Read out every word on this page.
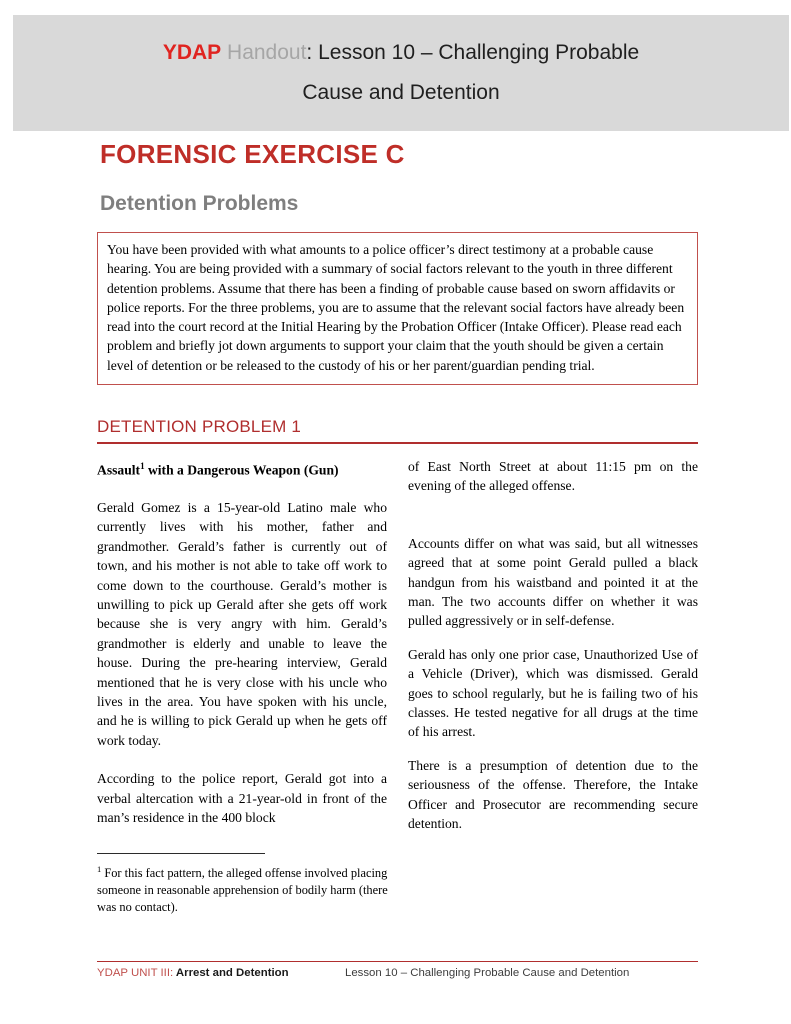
YDAP Handout: Lesson 10 – Challenging Probable
Cause and Detention
FORENSIC EXERCISE C
Detention Problems

You have been provided with what amounts to a police officer’s direct testimony at a probable cause hearing. You are being provided with a summary of social factors relevant to the youth in three different detention problems. Assume that there has been a finding of probable cause based on sworn affidavits or police reports. For the three problems, you are to assume that the relevant social factors have already been read into the court record at the Initial Hearing by the Probation Officer (Intake Officer). Please read each problem and briefly jot down arguments to support your claim that the youth should be given a certain level of detention or be released to the custody of his or her parent/guardian pending trial.

DETENTION PROBLEM 1

Assault$^1$ with a Dangerous Weapon (Gun)

Gerald Gomez is a 15-year-old Latino male who currently lives with his mother, father and grandmother. Gerald’s father is currently out of town, and his mother is not able to take off work to come down to the courthouse. Gerald’s mother is unwilling to pick up Gerald after she gets off work because she is very angry with him. Gerald’s grandmother is elderly and unable to leave the house. During the pre-hearing interview, Gerald mentioned that he is very close with his uncle who lives in the area. You have spoken with his uncle, and he is willing to pick Gerald up when he gets off work today.

According to the police report, Gerald got into a verbal altercation with a 21-year-old in front of the man’s residence in the 400 block

of East North Street at about 11:15 pm on the evening of the alleged offense.

Accounts differ on what was said, but all witnesses agreed that at some point Gerald pulled a black handgun from his waistband and pointed it at the man. The two accounts differ on whether it was pulled aggressively or in self-defense.

Gerald has only one prior case, Unauthorized Use of a Vehicle (Driver), which was dismissed. Gerald goes to school regularly, but he is failing two of his classes. He tested negative for all drugs at the time of his arrest.

There is a presumption of detention due to the seriousness of the offense. Therefore, the Intake Officer and Prosecutor are recommending secure detention.

$^1$ For this fact pattern, the alleged offense involved placing someone in reasonable apprehension of bodily harm (there was no contact).

YDAP UNIT III: Arrest and Detention	Lesson 10 – Challenging Probable Cause and Detention
